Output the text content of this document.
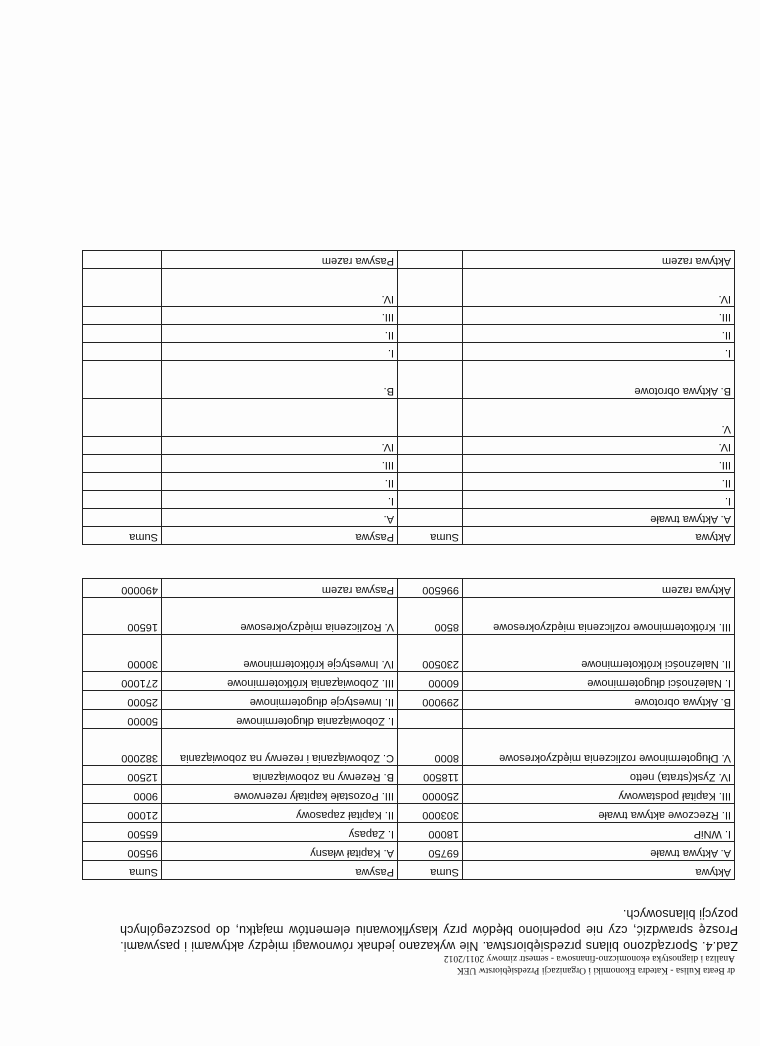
dr Beata Kulisa - Katedra Ekonomiki i Organizacji Przedsiębiorstw UEK
Analiza i diagnostyka ekonomiczno-finansowa - semestr zimowy 2011/2012
Zad.4. Sporządzono bilans przedsiębiorstwa. Nie wykazano jednak równowagi między aktywami i pasywami. Proszę sprawdzić, czy nie popełniono błędów przy klasyfikowaniu elementów majątku, do poszczególnych pozycji bilansowych.
Aktywa	Suma	Pasywa	Suma
A. Aktywa trwałe	69750	A. Kapitał własny	95500
I. WNiP	18000	I. Zapasy	65500
II. Rzeczowe aktywa trwałe	303000	II. Kapitał zapasowy	21000
III. Kapitał podstawowy	250000	III. Pozostałe kapitały rezerwowe	9000
IV. Zysk(strata) netto	118500	B. Rezerwy na zobowiązania	12500
V. Długoterminowe rozliczenia międzyokresowe	8000	C. Zobowiązania i rezerwy na zobowiązania	382000
		I. Zobowiązania długoterminowe	50000
B. Aktywa obrotowe	299000	II. Inwestycje długoterminowe	25000
I. Należności długoterminowe	60000	III. Zobowiązania krótkoterminowe	271000
II. Należności krótkoterminowe	230500	IV. Inwestycje krótkoterminowe	30000
III. Krótkoterminowe rozliczenia międzyokresowe	8500	V. Rozliczenia międzyokresowe	16500
Aktywa razem	996500	Pasywa razem	490000
Aktywa	Suma	Pasywa	Suma
A. Aktywa trwałe		A.	
I.		I.	
II.		II.	
III.		III.	
IV.		IV.	
V.			
B. Aktywa obrotowe		B.	
I.		I.	
II.		II.	
III.		III.	
IV.		IV.	
Aktywa razem		Pasywa razem	
